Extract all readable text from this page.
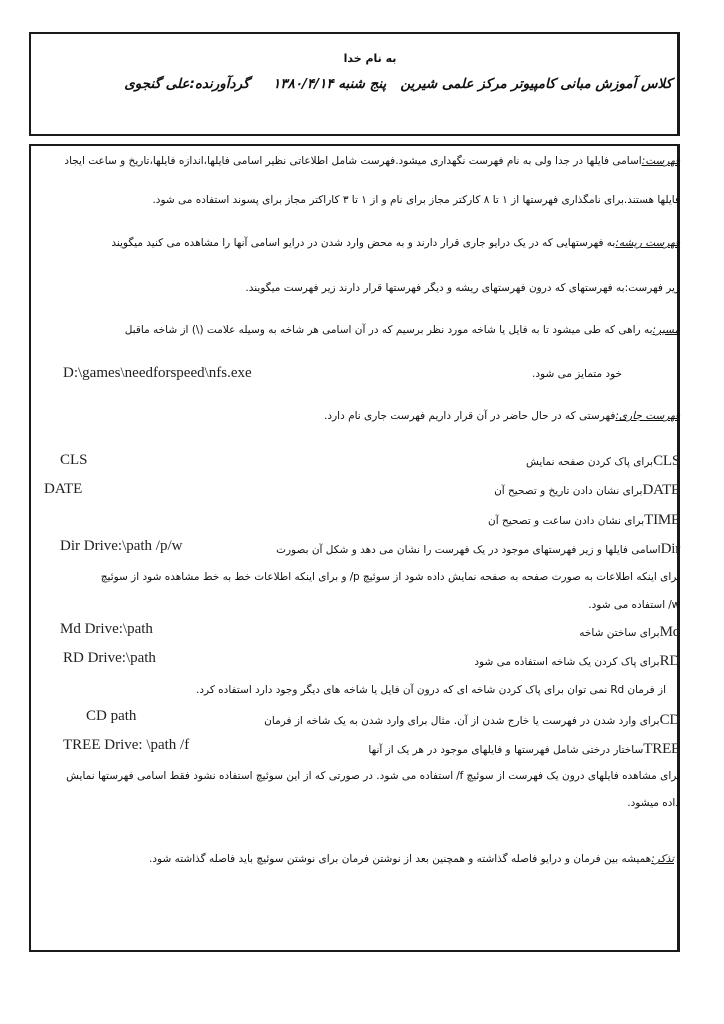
به نام خدا
کلاس آموزش مبانی کامپیوتر مرکز علمی شیرین   پنج شنبه ۱۳۸۰/۴/۱۴     گردآورنده:علی گنجوی
فهرست:اسامی فایلها در جدا ولی به نام فهرست نگهداری میشود.فهرست شامل اطلاعاتی نظیر اسامی فایلها،اندازه فایلها،تاریخ و ساعت ایجاد
فایلها هستند.برای نامگذاری فهرستها از ۱ تا ۸ کارکتر مجاز برای نام و از ۱ تا ۳ کاراکتر مجاز برای پسوند استفاده می شود.
فهرست ریشه:به فهرستهایی که در یک درایو جاری قرار دارند و به محض وارد شدن در درایو اسامی آنها را مشاهده می کنید میگویند
زیر فهرست:به فهرستهای که درون فهرستهای ریشه و دیگر فهرستها قرار دارند زیر فهرست میگویند.
مسیر:به راهی که طی میشود تا به فایل یا شاخه مورد نظر برسیم که در آن اسامی هر شاخه به وسیله علامت (\) از شاخه ماقبل
خود متمایز می شود.
D:\games\needforspeed\nfs.exe
فهرست جاری:فهرستی که در حال حاضر در آن قرار داریم فهرست جاری نام دارد.
CLSبرای پاک کردن صفحه نمایش
CLS
DATEبرای نشان دادن تاریخ و تصحیح آن
DATE
TIMEبرای نشان دادن ساعت و تصحیح آن
Dirاسامی فایلها و زیر فهرستهای موجود در یک فهرست را نشان می دهد و شکل آن بصورت
Dir Drive:\path /p/w
برای اینکه اطلاعات به صورت صفحه به صفحه نمایش داده شود از سوئیچ p/ و برای اینکه اطلاعات خط به خط مشاهده شود از سوئیچ
w/ استفاده می شود.
Mdبرای ساختن شاخه
Md Drive:\path
RDبرای پاک کردن یک شاخه استفاده می شود
RD Drive:\path
از فرمان Rd نمی توان برای پاک کردن شاخه ای که درون آن فایل یا شاخه های دیگر وجود دارد استفاده کرد.
CDبرای وارد شدن در فهرست یا خارج شدن از آن. مثال برای وارد شدن به یک شاخه از فرمان
CD path
TREEساختار درختی شامل فهرستها و فایلهای موجود در هر یک از آنها
TREE Drive: \path /f
برای مشاهده فایلهای درون یک فهرست از سوئیچ f/ استفاده می شود. در صورتی که از این سوئیچ استفاده نشود فقط اسامی فهرستها نمایش
داده میشود.
تذکر:همیشه بین فرمان و درایو فاصله گذاشته و همچنین بعد از نوشتن فرمان برای نوشتن سوئیچ باید فاصله گذاشته شود.
